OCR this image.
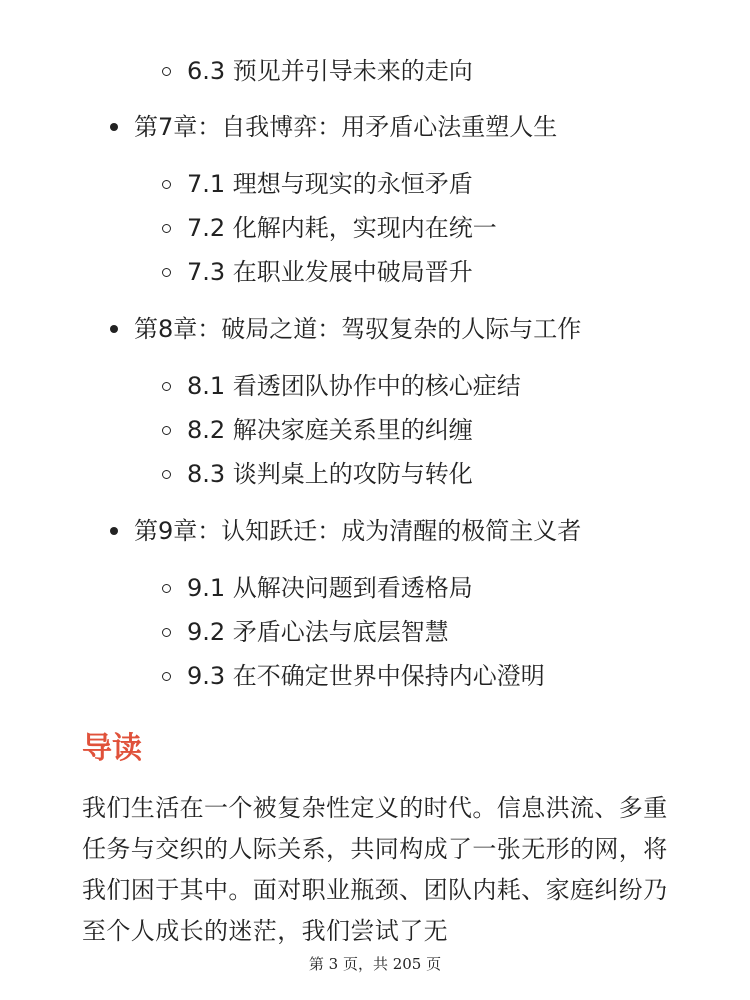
6.3 预见并引导未来的走向
第7章：自我博弈：用矛盾心法重塑人生
7.1 理想与现实的永恒矛盾
7.2 化解内耗，实现内在统一
7.3 在职业发展中破局晋升
第8章：破局之道：驾驭复杂的人际与工作
8.1 看透团队协作中的核心症结
8.2 解决家庭关系里的纠缠
8.3 谈判桌上的攻防与转化
第9章：认知跃迁：成为清醒的极简主义者
9.1 从解决问题到看透格局
9.2 矛盾心法与底层智慧
9.3 在不确定世界中保持内心澄明
导读

我们生活在一个被复杂性定义的时代。信息洪流、多重任务与交织的人际关系，共同构成了一张无形的网，将我们困于其中。面对职业瓶颈、团队内耗、家庭纠纷乃至个人成长的迷茫，我们尝试了无

第 3 页，共 205 页
